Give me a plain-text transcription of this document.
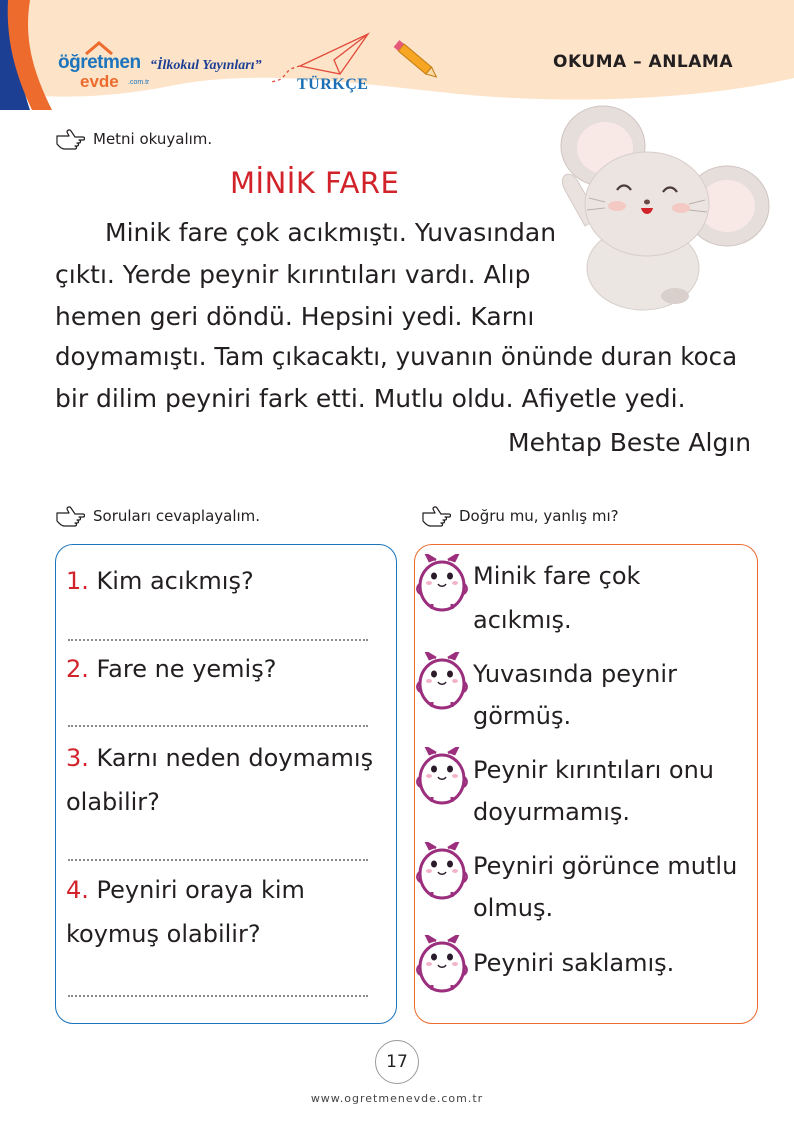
öğretmen
evde .com.tr
“İlkokul Yayınları”
TÜRKÇE
OKUMA – ANLAMA
Metni okuyalım.
MİNİK FARE
Minik fare çok acıkmıştı. Yuvasından
çıktı. Yerde peynir kırıntıları vardı. Alıp
hemen geri döndü. Hepsini yedi. Karnı
doymamıştı. Tam çıkacaktı, yuvanın önünde duran koca
bir dilim peyniri fark etti. Mutlu oldu. Afiyetle yedi.
Mehtap Beste Algın
Soruları cevaplayalım.	Doğru mu, yanlış mı?
1. Kim acıkmış?
2. Fare ne yemiş?
3. Karnı neden doymamış
olabilir?
4. Peyniri oraya kim
koymuş olabilir?
Minik fare çok
acıkmış.
Yuvasında peynir
görmüş.
Peynir kırıntıları onu
doyurmamış.
Peyniri görünce mutlu
olmuş.
Peyniri saklamış.
17
www.ogretmenevde.com.tr
